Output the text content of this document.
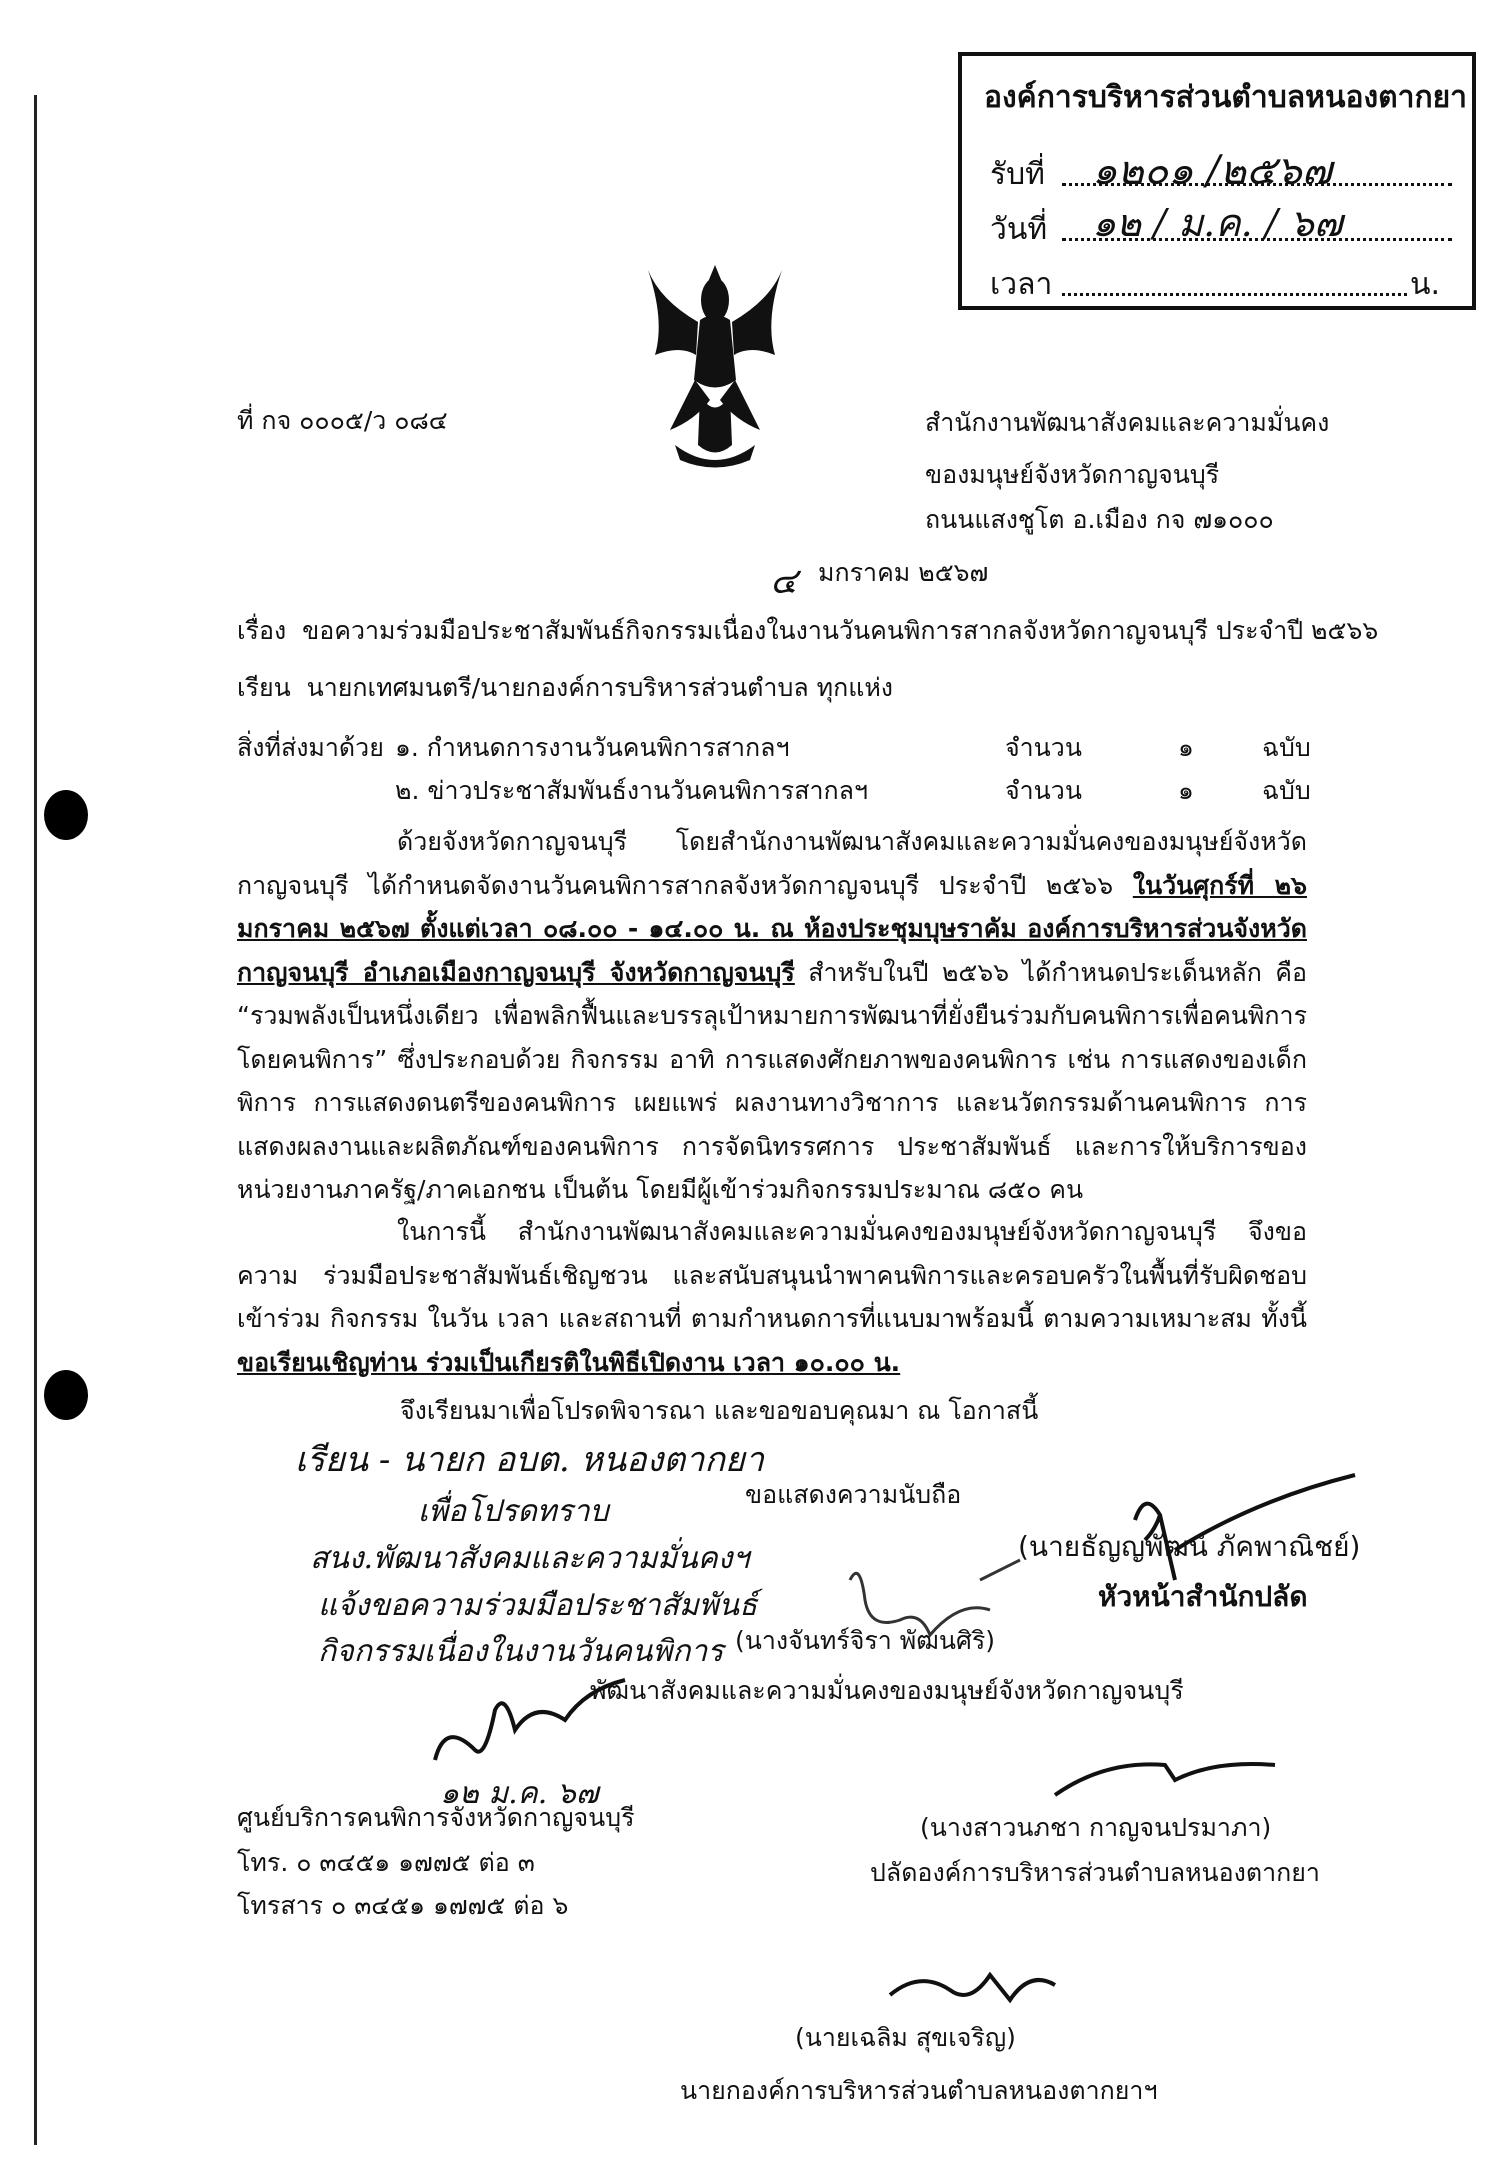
องค์การบริหารส่วนตำบลหนองตากยา
รับที่ ๑๒๐๑ /๒๕๖๗
วันที่ ๑๒ / ม.ค. / ๖๗
เวลา	น.
ที่ กจ ๐๐๐๕/ว ๐๘๔	สำนักงานพัฒนาสังคมและความมั่นคง
ของมนุษย์จังหวัดกาญจนบุรี
ถนนแสงชูโต อ.เมือง กจ ๗๑๐๐๐
๔ มกราคม ๒๕๖๗
เรื่อง ขอความร่วมมือประชาสัมพันธ์กิจกรรมเนื่องในงานวันคนพิการสากลจังหวัดกาญจนบุรี ประจำปี ๒๕๖๖
เรียน นายกเทศมนตรี/นายกองค์การบริหารส่วนตำบล ทุกแห่ง
สิ่งที่ส่งมาด้วย ๑. กำหนดการงานวันคนพิการสากลฯ	จำนวน	๑	ฉบับ
๒. ข่าวประชาสัมพันธ์งานวันคนพิการสากลฯ	จำนวน	๑	ฉบับ
ด้วยจังหวัดกาญจนบุรี โดยสำนักงานพัฒนาสังคมและความมั่นคงของมนุษย์จังหวัดกาญจนบุรี ได้กำหนดจัดงานวันคนพิการสากลจังหวัดกาญจนบุรี ประจำปี ๒๕๖๖ ในวันศุกร์ที่ ๒๖ มกราคม ๒๕๖๗ ตั้งแต่เวลา ๐๘.๐๐ - ๑๔.๐๐ น. ณ ห้องประชุมบุษราคัม องค์การบริหารส่วนจังหวัดกาญจนบุรี อำเภอเมืองกาญจนบุรี จังหวัดกาญจนบุรี สำหรับในปี ๒๕๖๖ ได้กำหนดประเด็นหลัก คือ “รวมพลังเป็นหนึ่งเดียว เพื่อพลิกฟื้นและบรรลุเป้าหมายการพัฒนาที่ยั่งยืนร่วมกับคนพิการเพื่อคนพิการ โดยคนพิการ” ซึ่งประกอบด้วย กิจกรรม อาทิ การแสดงศักยภาพของคนพิการ เช่น การแสดงของเด็กพิการ การแสดงดนตรีของคนพิการ เผยแพร่ ผลงานทางวิชาการ และนวัตกรรมด้านคนพิการ การแสดงผลงานและผลิตภัณฑ์ของคนพิการ การจัดนิทรรศการ ประชาสัมพันธ์ และการให้บริการของหน่วยงานภาครัฐ/ภาคเอกชน เป็นต้น โดยมีผู้เข้าร่วมกิจกรรมประมาณ ๘๕๐ คน
ในการนี้ สำนักงานพัฒนาสังคมและความมั่นคงของมนุษย์จังหวัดกาญจนบุรี จึงขอความ ร่วมมือประชาสัมพันธ์เชิญชวน และสนับสนุนนำพาคนพิการและครอบครัวในพื้นที่รับผิดชอบเข้าร่วม กิจกรรม ในวัน เวลา และสถานที่ ตามกำหนดการที่แนบมาพร้อมนี้ ตามความเหมาะสม ทั้งนี้ ขอเรียนเชิญท่าน ร่วมเป็นเกียรติในพิธีเปิดงาน เวลา ๑๐.๐๐ น.
จึงเรียนมาเพื่อโปรดพิจารณา และขอขอบคุณมา ณ โอกาสนี้
เรียน - นายก อบต. หนองตากยา
เพื่อโปรดทราบ
สนง.พัฒนาสังคมและความมั่นคงฯ
แจ้งขอความร่วมมือประชาสัมพันธ์
กิจกรรมเนื่องในงานวันคนพิการ
ขอแสดงความนับถือ
๑๒ ม.ค. ๖๗
(นางจันทร์จิรา พัฒนศิริ)
พัฒนาสังคมและความมั่นคงของมนุษย์จังหวัดกาญจนบุรี
(นายธัญญพัฒน์ ภัคพาณิชย์)
หัวหน้าสำนักปลัด
(นางสาวนภชา กาญจนปรมาภา)
ปลัดองค์การบริหารส่วนตำบลหนองตากยา
(นายเฉลิม สุขเจริญ)
นายกองค์การบริหารส่วนตำบลหนองตากยาฯ
ศูนย์บริการคนพิการจังหวัดกาญจนบุรี
โทร. ๐ ๓๔๕๑ ๑๗๗๕ ต่อ ๓
โทรสาร ๐ ๓๔๕๑ ๑๗๗๕ ต่อ ๖
